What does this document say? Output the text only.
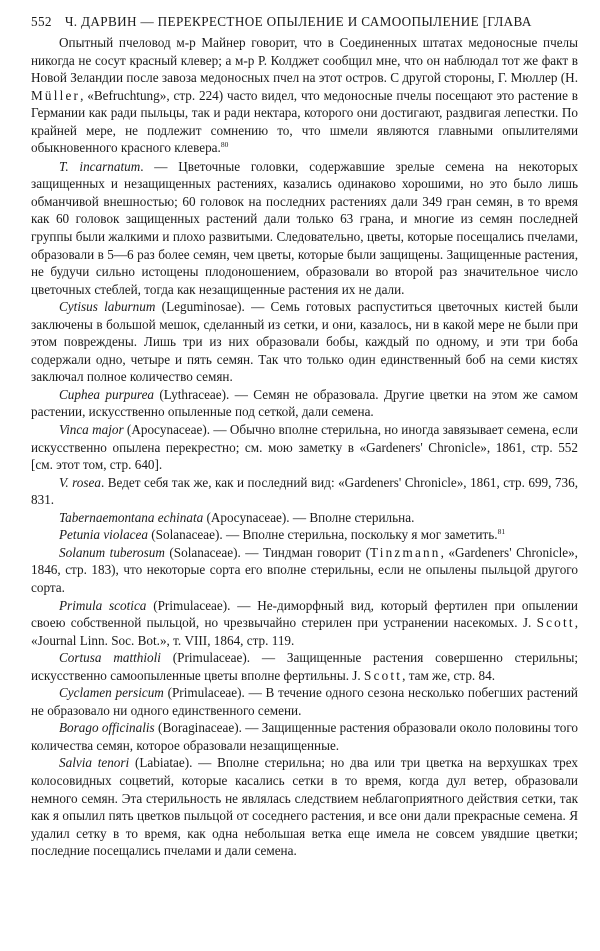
552 Ч. ДАРВИН — ПЕРЕКРЕСТНОЕ ОПЫЛЕНИЕ И САМООПЫЛЕНИЕ [ГЛАВА

Опытный пчеловод м-р Майнер говорит, что в Соединенных штатах медоносные пчелы никогда не сосут красный клевер; а м-р Р. Колджет сообщил мне, что он наблюдал тот же факт в Новой Зеландии после завоза медоносных пчел на этот остров. С другой стороны, Г. Мюллер (H. Müller, «Befruchtung», стр. 224) часто видел, что медоносные пчелы посещают это растение в Германии как ради пыльцы, так и ради нектара, которого они достигают, раздвигая лепестки. По крайней мере, не подлежит сомнению то, что шмели являются главными опылителями обыкновенного красного клевера.$^{80}$

T. incarnatum. — Цветочные головки, содержавшие зрелые семена на некоторых защищенных и незащищенных растениях, казались одинаково хорошими, но это было лишь обманчивой внешностью; 60 головок на последних растениях дали 349 гран семян, в то время как 60 головок защищенных растений дали только 63 грана, и многие из семян последней группы были жалкими и плохо развитыми. Следовательно, цветы, которые посещались пчелами, образовали в 5—6 раз более семян, чем цветы, которые были защищены. Защищенные растения, не будучи сильно истощены плодоношением, образовали во второй раз значительное число цветочных стеблей, тогда как незащищенные растения их не дали.

Cytisus laburnum (Leguminosae). — Семь готовых распуститься цветочных кистей были заключены в большой мешок, сделанный из сетки, и они, казалось, ни в какой мере не были при этом повреждены. Лишь три из них образовали бобы, каждый по одному, и эти три боба содержали одно, четыре и пять семян. Так что только один единственный боб на семи кистях заключал полное количество семян.

Cuphea purpurea (Lythraceae). — Семян не образовала. Другие цветки на этом же самом растении, искусственно опыленные под сеткой, дали семена.

Vinca major (Apocynaceae). — Обычно вполне стерильна, но иногда завязывает семена, если искусственно опылена перекрестно; см. мою заметку в «Gardeners' Chronicle», 1861, стр. 552 [см. этот том, стр. 640].

V. rosea. Ведет себя так же, как и последний вид: «Gardeners' Chronicle», 1861, стр. 699, 736, 831.

Tabernaemontana echinata (Apocynaceae). — Вполне стерильна.

Petunia violacea (Solanaceae). — Вполне стерильна, поскольку я мог заметить.$^{81}$

Solanum tuberosum (Solanaceae). — Тиндман говорит (Tinzmann, «Gardeners' Chronicle», 1846, стр. 183), что некоторые сорта его вполне стерильны, если не опылены пыльцой другого сорта.

Primula scotica (Primulaceae). — Не-диморфный вид, который фертилен при опылении своею собственной пыльцой, но чрезвычайно стерилен при устранении насекомых. J. Scott, «Journal Linn. Soc. Bot.», т. VIII, 1864, стр. 119.

Cortusa matthioli (Primulaceae). — Защищенные растения совершенно стерильны; искусственно самоопыленные цветы вполне фертильны. J. Scott, там же, стр. 84.

Cyclamen persicum (Primulaceae). — В течение одного сезона несколько побегших растений не образовало ни одного единственного семени.

Borago officinalis (Boraginaceae). — Защищенные растения образовали около половины того количества семян, которое образовали незащищенные.

Salvia tenori (Labiatae). — Вполне стерильна; но два или три цветка на верхушках трех колосовидных соцветий, которые касались сетки в то время, когда дул ветер, образовали немного семян. Эта стерильность не являлась следствием неблагоприятного действия сетки, так как я опылил пять цветков пыльцой от соседнего растения, и все они дали прекрасные семена. Я удалил сетку в то время, как одна небольшая ветка еще имела не совсем увядшие цветки; последние посещались пчелами и дали семена.
